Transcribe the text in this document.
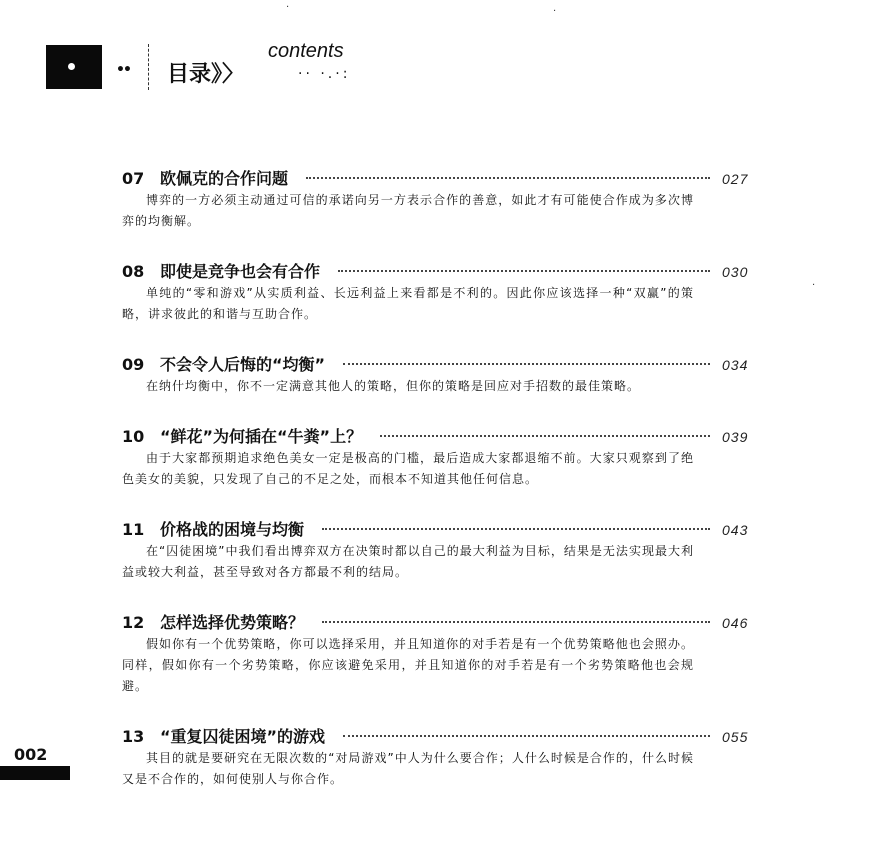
·	·
·
•• 目录》〉
contents
·· ·.·:
07 欧佩克的合作问题	027
博弈的一方必须主动通过可信的承诺向另一方表示合作的善意，如此才有可能使合作成为多次博弈的均衡解。
08 即使是竞争也会有合作	030
单纯的“零和游戏”从实质利益、长远利益上来看都是不利的。因此你应该选择一种“双赢”的策略，讲求彼此的和谐与互助合作。
09 不会令人后悔的“均衡”	034
在纳什均衡中，你不一定满意其他人的策略，但你的策略是回应对手招数的最佳策略。
10 “鲜花”为何插在“牛粪”上？	039
由于大家都预期追求绝色美女一定是极高的门槛，最后造成大家都退缩不前。大家只观察到了绝色美女的美貌，只发现了自己的不足之处，而根本不知道其他任何信息。
11 价格战的困境与均衡	043
在“囚徒困境”中我们看出博弈双方在决策时都以自己的最大利益为目标，结果是无法实现最大利益或较大利益，甚至导致对各方都最不利的结局。
12 怎样选择优势策略？	046
假如你有一个优势策略，你可以选择采用，并且知道你的对手若是有一个优势策略他也会照办。同样，假如你有一个劣势策略，你应该避免采用，并且知道你的对手若是有一个劣势策略他也会规避。
13 “重复囚徒困境”的游戏	055
其目的就是要研究在无限次数的“对局游戏”中人为什么要合作；人什么时候是合作的，什么时候又是不合作的，如何使别人与你合作。
002
